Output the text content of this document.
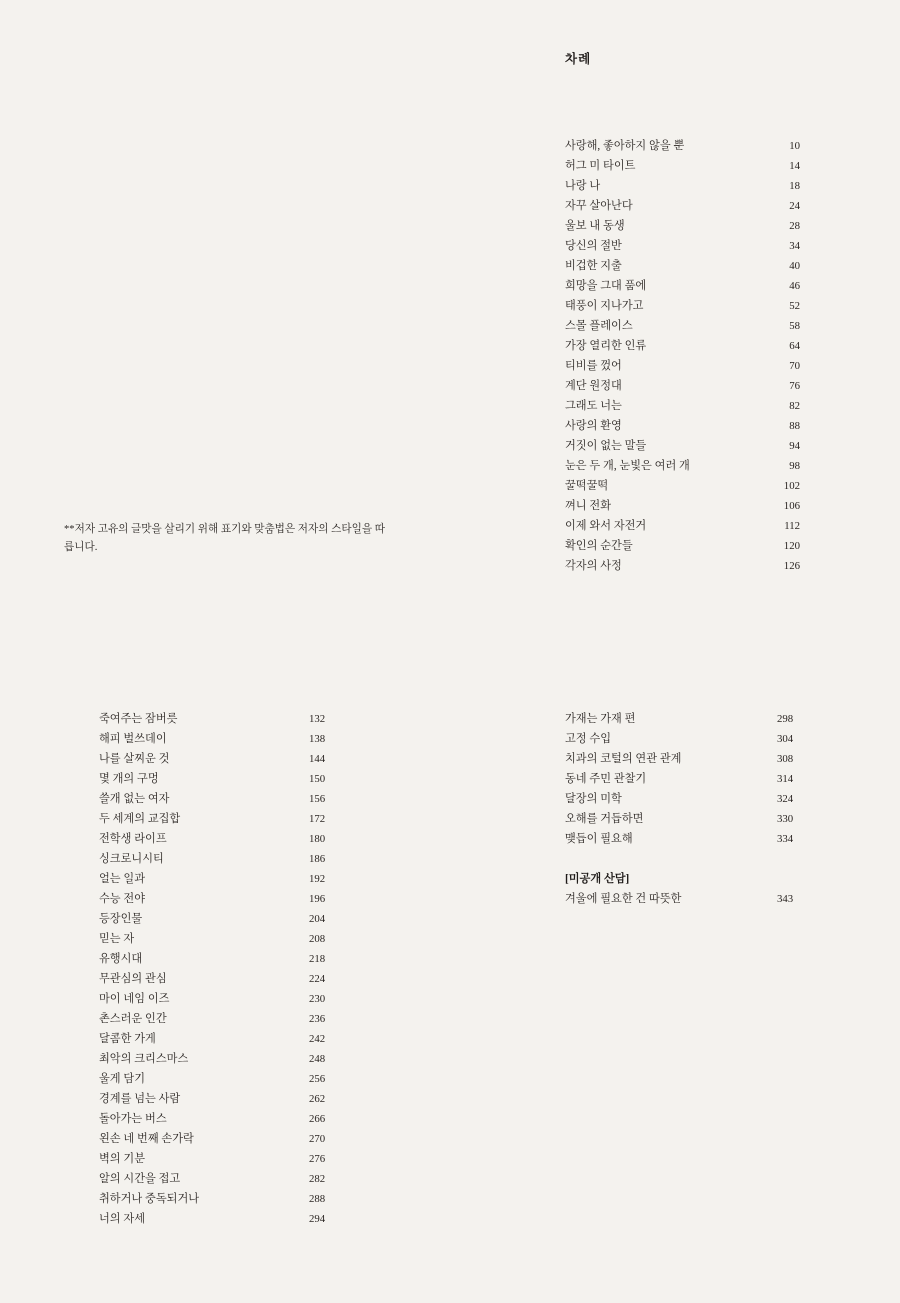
차례
사랑해, 좋아하지 않을 뿐	10
허그 미 타이트	14
나랑 나	18
자꾸 살아난다	24
울보 내 동생	28
당신의 절반	34
비겁한 지출	40
희망을 그대 품에	46
태풍이 지나가고	52
스몰 플레이스	58
가장 열리한 인류	64
티비를 껐어	70
계단 원정대	76
그래도 너는	82
사랑의 환영	88
거짓이 없는 말들	94
눈은 두 개, 눈빛은 여러 개	98
꿀떡꿀떡	102
껴니 전화	106
이제 와서 자전거	112
확인의 순간들	120
각자의 사정	126
**저자 고유의 글맛을 살리기 위해 표기와 맞춤법은 저자의 스타일을 따릅니다.
죽여주는 잠버릇	132
해피 벌쓰데이	138
나를 살찌운 것	144
몇 개의 구멍	150
쓸개 없는 여자	156
두 세계의 교집합	172
전학생 라이프	180
싱크로니시티	186
얼는 일과	192
수능 전야	196
등장인물	204
믿는 자	208
유행시대	218
무관심의 관심	224
마이 네임 이즈	230
촌스러운 인간	236
달콤한 가게	242
최악의 크리스마스	248
울게 담기	256
경계를 넘는 사람	262
돌아가는 버스	266
왼손 네 번째 손가락	270
벽의 기분	276
알의 시간을 접고	282
취하거나 중독되거나	288
너의 자세	294
가재는 가재 편	298
고정 수입	304
치과의 코털의 연관 관계	308
동네 주민 관찰기	314
달장의 미학	324
오해를 거듭하면	330
맺듭이 필요해	334
[미공개 산담]
겨울에 필요한 건 따뜻한	343
